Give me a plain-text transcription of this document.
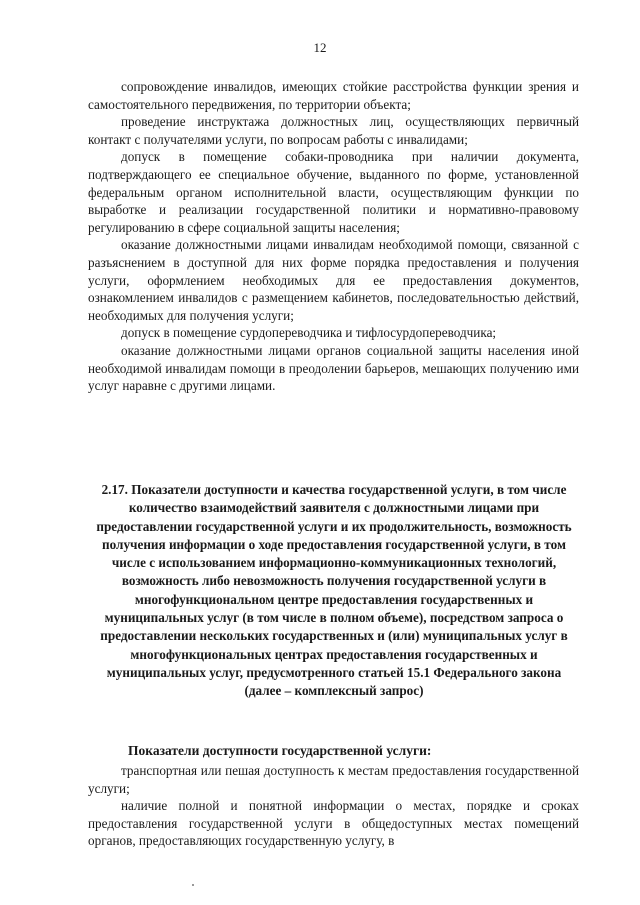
12

сопровождение инвалидов, имеющих стойкие расстройства функции зрения и самостоятельного передвижения, по территории объекта;

проведение инструктажа должностных лиц, осуществляющих первичный контакт с получателями услуги, по вопросам работы с инвалидами;

допуск в помещение собаки-проводника при наличии документа, подтверждающего ее специальное обучение, выданного по форме, установленной федеральным органом исполнительной власти, осуществляющим функции по выработке и реализации государственной политики и нормативно-правовому регулированию в сфере социальной защиты населения;

оказание должностными лицами инвалидам необходимой помощи, связанной с разъяснением в доступной для них форме порядка предоставления и получения услуги, оформлением необходимых для ее предоставления документов, ознакомлением инвалидов с размещением кабинетов, последовательностью действий, необходимых для получения услуги;

допуск в помещение сурдопереводчика и тифлосурдопереводчика;

оказание должностными лицами органов социальной защиты населения иной необходимой инвалидам помощи в преодолении барьеров, мешающих получению ими услуг наравне с другими лицами.

2.17. Показатели доступности и качества государственной услуги, в том числе количество взаимодействий заявителя с должностными лицами при предоставлении государственной услуги и их продолжительность, возможность получения информации о ходе предоставления государственной услуги, в том числе с использованием информационно-коммуникационных технологий, возможность либо невозможность получения государственной услуги в многофункциональном центре предоставления государственных и муниципальных услуг (в том числе в полном объеме), посредством запроса о предоставлении нескольких государственных и (или) муниципальных услуг в многофункциональных центрах предоставления государственных и муниципальных услуг, предусмотренного статьей 15.1 Федерального закона (далее – комплексный запрос)
Показатели доступности государственной услуги:

транспортная или пешая доступность к местам предоставления государственной услуги;

наличие полной и понятной информации о местах, порядке и сроках предоставления государственной услуги в общедоступных местах помещений органов, предоставляющих государственную услугу, в
